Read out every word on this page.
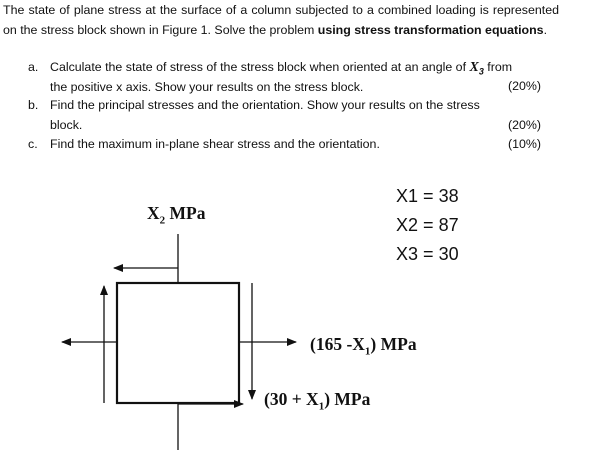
The state of plane stress at the surface of a column subjected to a combined loading is represented on the stress block shown in Figure 1. Solve the problem using stress transformation equations.
a. Calculate the state of stress of the stress block when oriented at an angle of $X_3$ from
the positive x axis. Show your results on the stress block.	(20%)
b. Find the principal stresses and the orientation. Show your results on the stress
block.	(20%)
c. Find the maximum in-plane shear stress and the orientation.	(10%)
X1 = 38
X2 = 87
X3 = 30
$X_2$ MPa
(165 $-X_1$) MPa
$(30 + X_1)$ MPa
